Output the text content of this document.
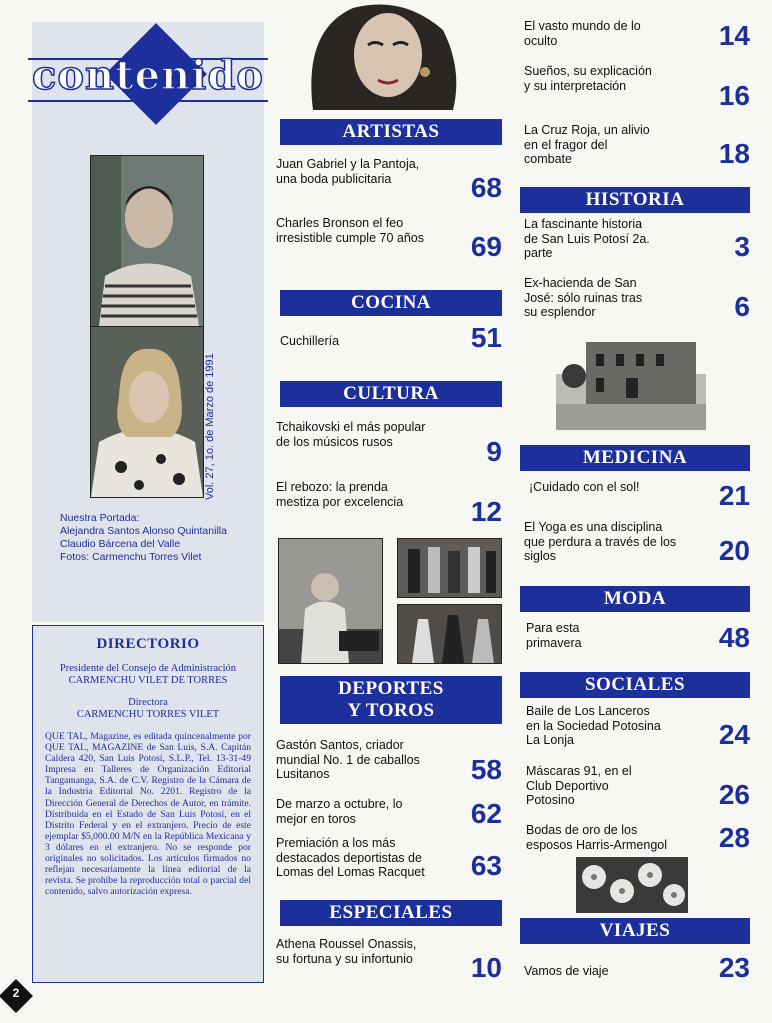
contenido
Vol. 27, 1o. de Marzo de 1991
Nuestra Portada:
Alejandra Santos Alonso Quintanilla
Claudio Bárcena del Valle
Fotos: Carmenchu Torres Vilet
DIRECTORIO
Presidente del Consejo de Administración
CARMENCHU VILET DE TORRES
Directora
CARMENCHU TORRES VILET
QUE TAL, Magazine, es editada quincenalmente por QUE TAL, MAGAZINE de San Luis, S.A. Capitán Caldera 420, San Luis Potosí, S.L.P., Tel. 13-31-49 Impresa en Talleres de Organización Editorial Tangamanga, S.A. de C.V. Registro de la Cámara de la Industria Editorial No. 2201. Registro de la Dirección General de Derechos de Autor, en trámite. Distribuida en el Estado de San Luis Potosí, en el Distrito Federal y en el extranjero. Precio de este ejemplar $5,000.00 M/N en la República Mexicana y 3 dólares en el extranjero. No se responde por originales no solicitados. Los artículos firmados no reflejan necesariamente la línea editorial de la revista. Se prohibe la reproducción total o parcial del contenido, salvo autorización expresa.
2
ARTISTAS
Juan Gabriel y la Pantoja, una boda publicitaria	68
Charles Bronson el feo irresistible cumple 70 años	69
COCINA
Cuchillería	51
CULTURA
Tchaikovski el más popular de los músicos rusos	9
El rebozo: la prenda mestiza por excelencia	12
DEPORTES
Y TOROS
Gastón Santos, criador mundial No. 1 de caballos Lusitanos	58
De marzo a octubre, lo mejor en toros	62
Premiación a los más destacados deportistas de Lomas del Lomas Racquet	63
ESPECIALES
Athena Roussel Onassis, su fortuna y su infortunio	10
El vasto mundo de lo oculto	14
Sueños, su explicación y su interpretación	16
La Cruz Roja, un alivio en el fragor del combate	18
HISTORIA
La fascinante historia de San Luis Potosí 2a. parte	3
Ex-hacienda de San José: sólo ruinas tras su esplendor	6
MEDICINA
¡Cuidado con el sol!	21
El Yoga es una disciplina que perdura a través de los siglos	20
MODA
Para esta primavera	48
SOCIALES
Baile de Los Lanceros en la Sociedad Potosina La Lonja	24
Máscaras 91, en el Club Deportivo Potosino	26
Bodas de oro de los esposos Harris-Armengol	28
VIAJES
Vamos de viaje	23
